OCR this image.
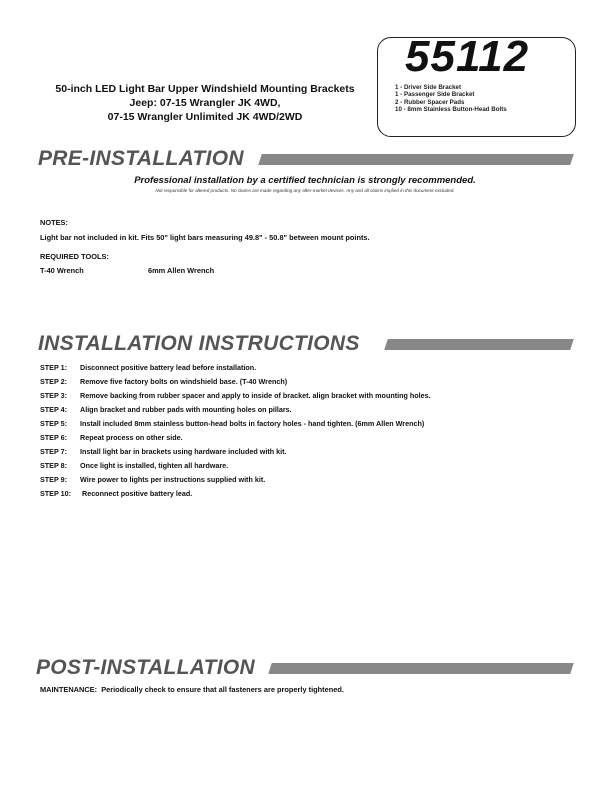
50-inch LED Light Bar Upper Windshield Mounting Brackets
Jeep: 07-15 Wrangler JK 4WD,
07-15 Wrangler Unlimited JK 4WD/2WD
55112
1 - Driver Side Bracket
1 - Passenger Side Bracket
2 - Rubber Spacer Pads
10 - 8mm Stainless Button-Head Bolts
PRE-INSTALLATION
Professional installation by a certified technician is strongly recommended.
Not responsible for altered products. No claims are made regarding any after-market devices. Any and all claims implied in this document excluded.
NOTES:
Light bar not included in kit. Fits 50" light bars measuring 49.8" - 50.8" between mount points.
REQUIRED TOOLS:
T-40 Wrench	6mm Allen Wrench
INSTALLATION INSTRUCTIONS
STEP 1: Disconnect positive battery lead before installation.
STEP 2: Remove five factory bolts on windshield base. (T-40 Wrench)
STEP 3: Remove backing from rubber spacer and apply to inside of bracket. align bracket with mounting holes.
STEP 4: Align bracket and rubber pads with mounting holes on pillars.
STEP 5: Install included 8mm stainless button-head bolts in factory holes - hand tighten. (6mm Allen Wrench)
STEP 6: Repeat process on other side.
STEP 7: Install light bar in brackets using hardware included with kit.
STEP 8: Once light is installed, tighten all hardware.
STEP 9: Wire power to lights per instructions supplied with kit.
STEP 10: Reconnect positive battery lead.
POST-INSTALLATION
MAINTENANCE: Periodically check to ensure that all fasteners are properly tightened.
